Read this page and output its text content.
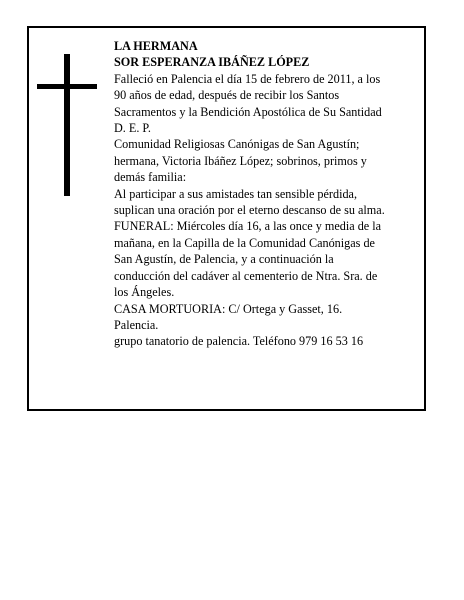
LA HERMANA
SOR ESPERANZA IBÁÑEZ LÓPEZ
Falleció en Palencia el día 15 de febrero de 2011, a los
90 años de edad, después de recibir los Santos
Sacramentos y la Bendición Apostólica de Su Santidad
D. E. P.
Comunidad Religiosas Canónigas de San Agustín;
hermana, Victoria Ibáñez López; sobrinos, primos y
demás familia:
Al participar a sus amistades tan sensible pérdida,
suplican una oración por el eterno descanso de su alma.
FUNERAL: Miércoles día 16, a las once y media de la
mañana, en la Capilla de la Comunidad Canónigas de
San Agustín, de Palencia, y a continuación la
conducción del cadáver al cementerio de Ntra. Sra. de
los Ángeles.
CASA MORTUORIA: C/ Ortega y Gasset, 16.
Palencia.
grupo tanatorio de palencia. Teléfono 979 16 53 16
